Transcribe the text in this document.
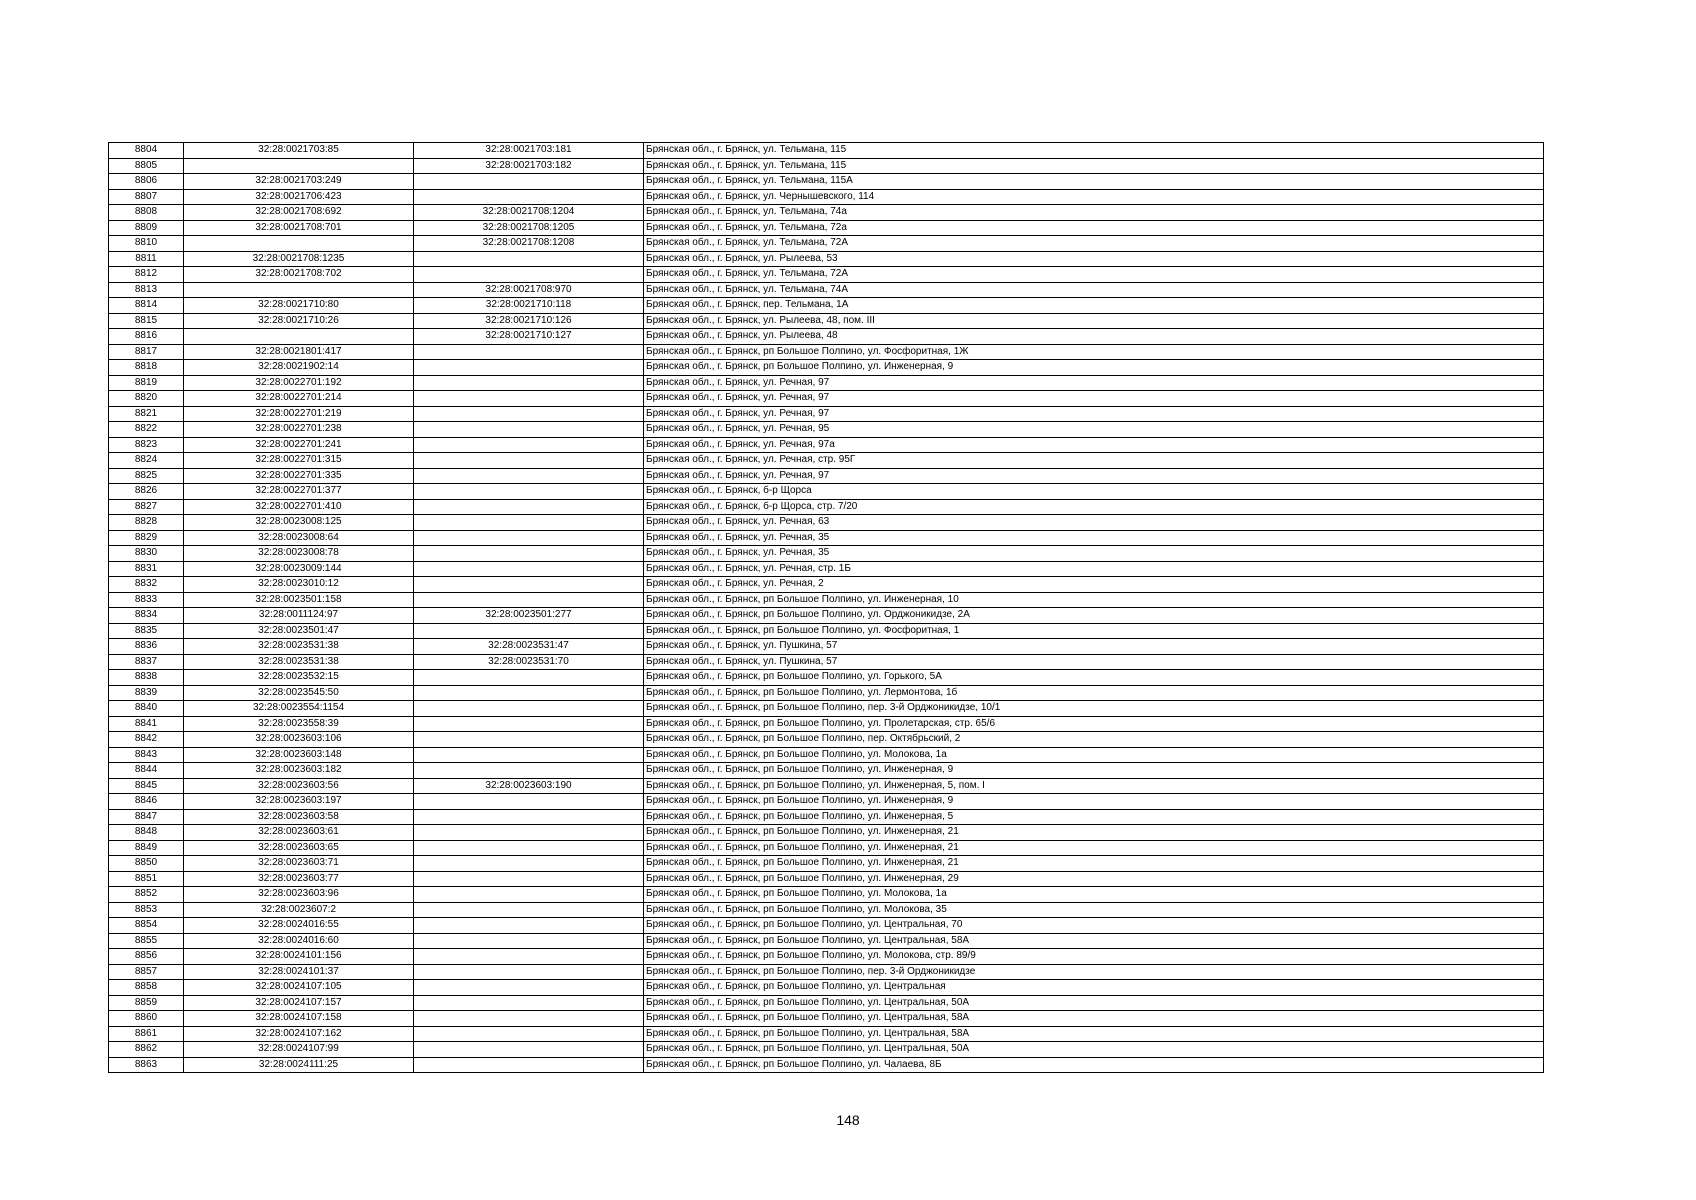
8804	32:28:0021703:85	32:28:0021703:181	Брянская обл., г. Брянск, ул. Тельмана, 115
8805		32:28:0021703:182	Брянская обл., г. Брянск, ул. Тельмана, 115
8806	32:28:0021703:249		Брянская обл., г. Брянск, ул. Тельмана, 115А
8807	32:28:0021706:423		Брянская обл., г. Брянск, ул. Чернышевского, 114
8808	32:28:0021708:692	32:28:0021708:1204	Брянская обл., г. Брянск, ул. Тельмана, 74а
8809	32:28:0021708:701	32:28:0021708:1205	Брянская обл., г. Брянск, ул. Тельмана, 72а
8810		32:28:0021708:1208	Брянская обл., г. Брянск, ул. Тельмана, 72А
8811	32:28:0021708:1235		Брянская обл., г. Брянск, ул. Рылеева, 53
8812	32:28:0021708:702		Брянская обл., г. Брянск, ул. Тельмана, 72А
8813		32:28:0021708:970	Брянская обл., г. Брянск, ул. Тельмана, 74А
8814	32:28:0021710:80	32:28:0021710:118	Брянская обл., г. Брянск, пер. Тельмана, 1А
8815	32:28:0021710:26	32:28:0021710:126	Брянская обл., г. Брянск, ул. Рылеева, 48, пом. III
8816		32:28:0021710:127	Брянская обл., г. Брянск, ул. Рылеева, 48
8817	32:28:0021801:417		Брянская обл., г. Брянск, рп Большое Полпино, ул. Фосфоритная, 1Ж
8818	32:28:0021902:14		Брянская обл., г. Брянск, рп Большое Полпино, ул. Инженерная, 9
8819	32:28:0022701:192		Брянская обл., г. Брянск, ул. Речная, 97
8820	32:28:0022701:214		Брянская обл., г. Брянск, ул. Речная, 97
8821	32:28:0022701:219		Брянская обл., г. Брянск, ул. Речная, 97
8822	32:28:0022701:238		Брянская обл., г. Брянск, ул. Речная, 95
8823	32:28:0022701:241		Брянская обл., г. Брянск, ул. Речная, 97а
8824	32:28:0022701:315		Брянская обл., г. Брянск, ул. Речная, стр. 95Г
8825	32:28:0022701:335		Брянская обл., г. Брянск, ул. Речная, 97
8826	32:28:0022701:377		Брянская обл., г. Брянск, б-р Щорса
8827	32:28:0022701:410		Брянская обл., г. Брянск, б-р Щорса, стр. 7/20
8828	32:28:0023008:125		Брянская обл., г. Брянск, ул. Речная, 63
8829	32:28:0023008:64		Брянская обл., г. Брянск, ул. Речная, 35
8830	32:28:0023008:78		Брянская обл., г. Брянск, ул. Речная, 35
8831	32:28:0023009:144		Брянская обл., г. Брянск, ул. Речная, стр. 1Б
8832	32:28:0023010:12		Брянская обл., г. Брянск, ул. Речная, 2
8833	32:28:0023501:158		Брянская обл., г. Брянск, рп Большое Полпино, ул. Инженерная, 10
8834	32:28:0011124:97	32:28:0023501:277	Брянская обл., г. Брянск, рп Большое Полпино, ул. Орджоникидзе, 2А
8835	32:28:0023501:47		Брянская обл., г. Брянск, рп Большое Полпино, ул. Фосфоритная, 1
8836	32:28:0023531:38	32:28:0023531:47	Брянская обл., г. Брянск, ул. Пушкина, 57
8837	32:28:0023531:38	32:28:0023531:70	Брянская обл., г. Брянск, ул. Пушкина, 57
8838	32:28:0023532:15		Брянская обл., г. Брянск, рп Большое Полпино, ул. Горького, 5А
8839	32:28:0023545:50		Брянская обл., г. Брянск, рп Большое Полпино, ул. Лермонтова, 1б
8840	32:28:0023554:1154		Брянская обл., г. Брянск, рп Большое Полпино, пер. 3-й Орджоникидзе, 10/1
8841	32:28:0023558:39		Брянская обл., г. Брянск, рп Большое Полпино, ул. Пролетарская, стр. 65/6
8842	32:28:0023603:106		Брянская обл., г. Брянск, рп Большое Полпино, пер. Октябрьский, 2
8843	32:28:0023603:148		Брянская обл., г. Брянск, рп Большое Полпино, ул. Молокова, 1а
8844	32:28:0023603:182		Брянская обл., г. Брянск, рп Большое Полпино, ул. Инженерная, 9
8845	32:28:0023603:56	32:28:0023603:190	Брянская обл., г. Брянск, рп Большое Полпино, ул. Инженерная, 5, пом. I
8846	32:28:0023603:197		Брянская обл., г. Брянск, рп Большое Полпино, ул. Инженерная, 9
8847	32:28:0023603:58		Брянская обл., г. Брянск, рп Большое Полпино, ул. Инженерная, 5
8848	32:28:0023603:61		Брянская обл., г. Брянск, рп Большое Полпино, ул. Инженерная, 21
8849	32:28:0023603:65		Брянская обл., г. Брянск, рп Большое Полпино, ул. Инженерная, 21
8850	32:28:0023603:71		Брянская обл., г. Брянск, рп Большое Полпино, ул. Инженерная, 21
8851	32:28:0023603:77		Брянская обл., г. Брянск, рп Большое Полпино, ул. Инженерная, 29
8852	32:28:0023603:96		Брянская обл., г. Брянск, рп Большое Полпино, ул. Молокова, 1а
8853	32:28:0023607:2		Брянская обл., г. Брянск, рп Большое Полпино, ул. Молокова, 35
8854	32:28:0024016:55		Брянская обл., г. Брянск, рп Большое Полпино, ул. Центральная, 70
8855	32:28:0024016:60		Брянская обл., г. Брянск, рп Большое Полпино, ул. Центральная, 58А
8856	32:28:0024101:156		Брянская обл., г. Брянск, рп Большое Полпино, ул. Молокова, стр. 89/9
8857	32:28:0024101:37		Брянская обл., г. Брянск, рп Большое Полпино, пер. 3-й Орджоникидзе
8858	32:28:0024107:105		Брянская обл., г. Брянск, рп Большое Полпино, ул. Центральная
8859	32:28:0024107:157		Брянская обл., г. Брянск, рп Большое Полпино, ул. Центральная, 50А
8860	32:28:0024107:158		Брянская обл., г. Брянск, рп Большое Полпино, ул. Центральная, 58А
8861	32:28:0024107:162		Брянская обл., г. Брянск, рп Большое Полпино, ул. Центральная, 58А
8862	32:28:0024107:99		Брянская обл., г. Брянск, рп Большое Полпино, ул. Центральная, 50А
8863	32:28:0024111:25		Брянская обл., г. Брянск, рп Большое Полпино, ул. Чалаева, 8Б
148
